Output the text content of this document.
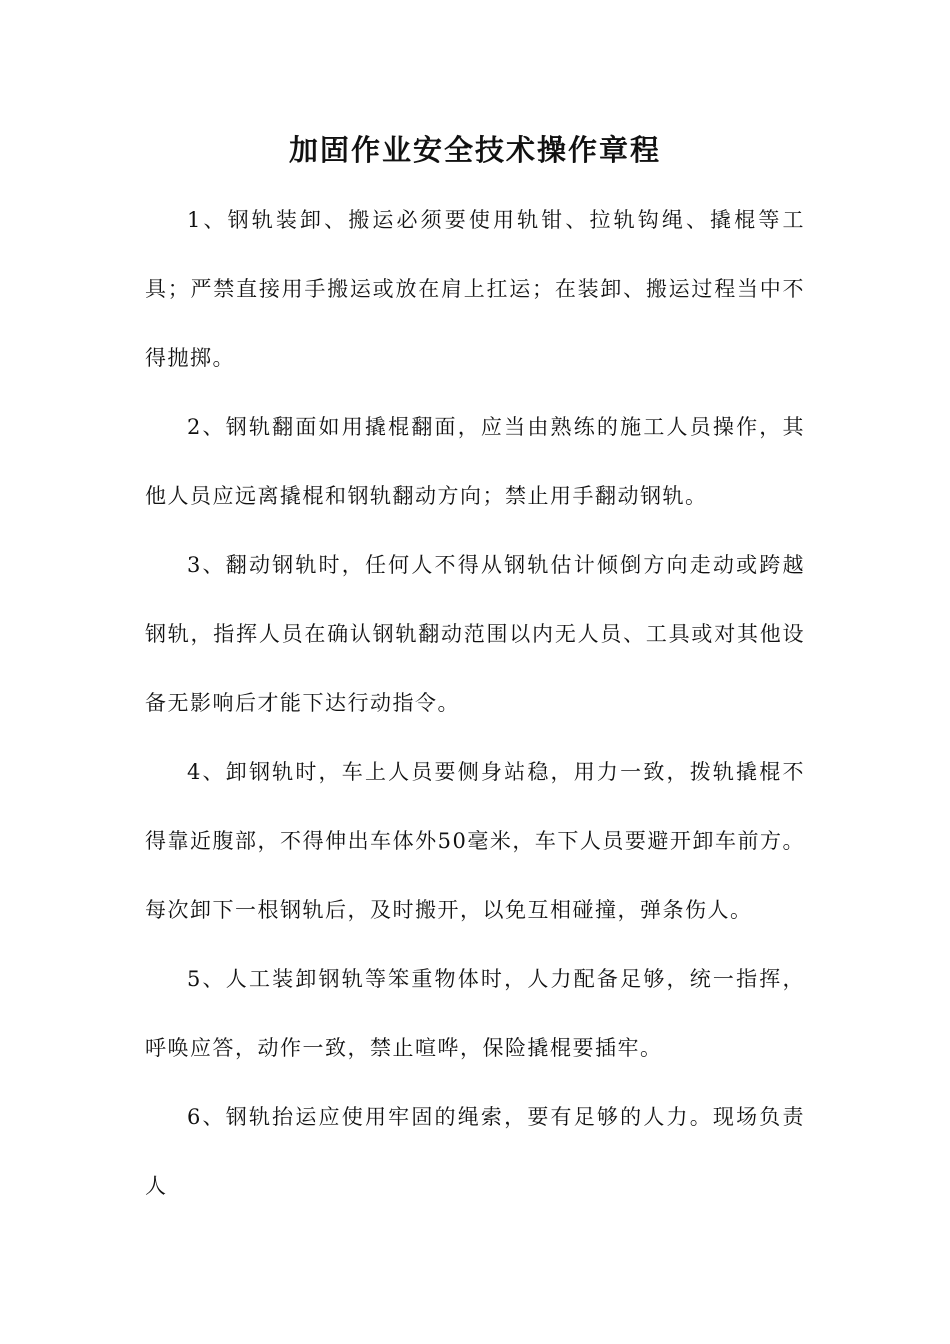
加固作业安全技术操作章程

1、钢轨装卸、搬运必须要使用轨钳、拉轨钩绳、撬棍等工具；严禁直接用手搬运或放在肩上扛运；在装卸、搬运过程当中不得抛掷。

2、钢轨翻面如用撬棍翻面，应当由熟练的施工人员操作，其他人员应远离撬棍和钢轨翻动方向；禁止用手翻动钢轨。

3、翻动钢轨时，任何人不得从钢轨估计倾倒方向走动或跨越钢轨，指挥人员在确认钢轨翻动范围以内无人员、工具或对其他设备无影响后才能下达行动指令。

4、卸钢轨时，车上人员要侧身站稳，用力一致，拨轨撬棍不得靠近腹部，不得伸出车体外50毫米，车下人员要避开卸车前方。每次卸下一根钢轨后，及时搬开，以免互相碰撞，弹条伤人。

5、人工装卸钢轨等笨重物体时，人力配备足够，统一指挥，呼唤应答，动作一致，禁止喧哗，保险撬棍要插牢。

6、钢轨抬运应使用牢固的绳索，要有足够的人力。现场负责人
